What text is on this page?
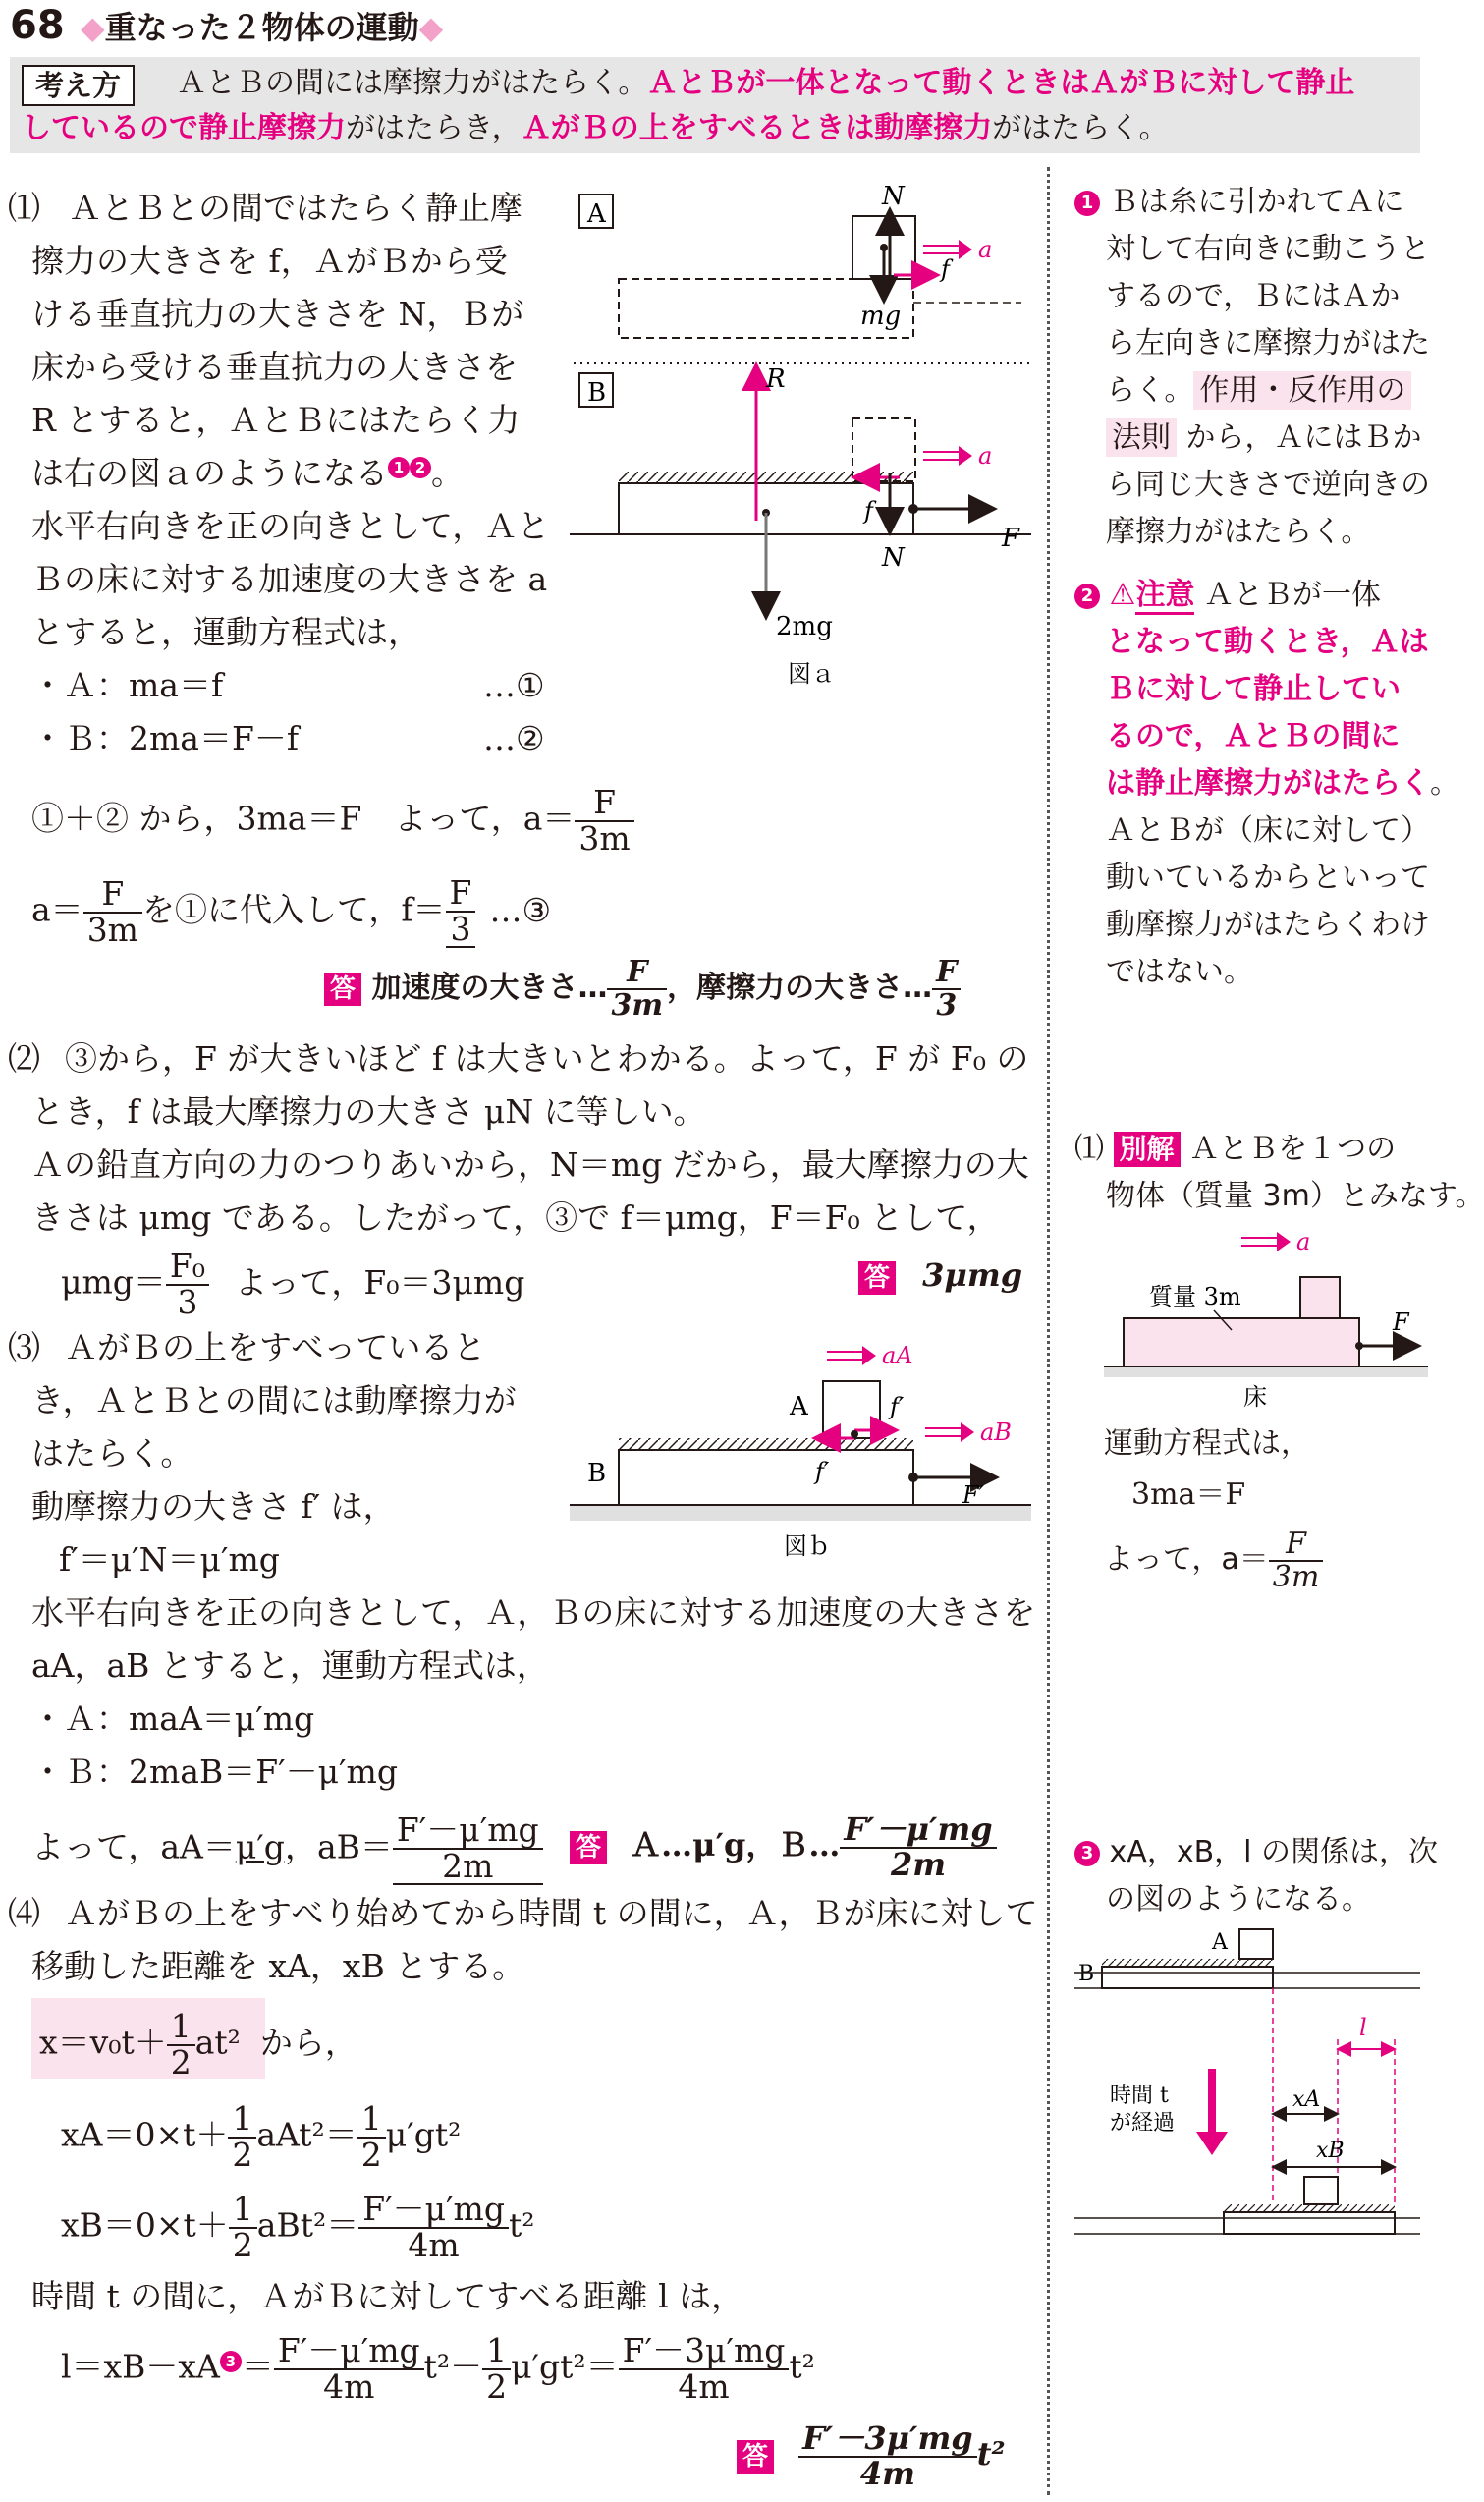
68 ◆重なった２物体の運動◆
考え方	ＡとＢの間には摩擦力がはたらく。ＡとＢが一体となって動くときはＡがＢに対して静止
しているので静止摩擦力がはたらき，ＡがＢの上をすべるときは動摩擦力がはたらく。
⑴ ＡとＢとの間ではたらく静止摩
擦力の大きさを f，ＡがＢから受
ける垂直抗力の大きさを N，Ｂが
床から受ける垂直抗力の大きさを
R とすると，ＡとＢにはたらく力
は右の図ａのようになる 1 2 。
水平右向きを正の向きとして，Ａと
Ｂの床に対する加速度の大きさを a
とすると，運動方程式は，
・Ａ：ma＝f	…①
・Ｂ：2ma＝F－f	…②
①＋② から，3ma＝F　よって，$a= \frac{F}{3m}$
$a= \frac{F}{3m}$ を①に代入して，$f= \frac{F}{3}$ …③
答 加速度の大きさ… $\frac{F}{3m}$ ，摩擦力の大きさ… $\frac{F}{3}$
A
N
mg
f
a
B	R
2mg
f
N
F
a
図ａ
⑵ ③から，F が大きいほど f は大きいとわかる。よって，F が F₀ の
とき，f は最大摩擦力の大きさ μN に等しい。
Ａの鉛直方向の力のつりあいから，N＝mg だから，最大摩擦力の大
きさは μmg である。したがって，③で f＝μmg，F＝F₀ として，
$\mu mg= \frac{\text{F₀}}{3}$ よって，F₀＝3μmg	答 3μmg
⑶ ＡがＢの上をすべっていると
き，ＡとＢとの間には動摩擦力が
はたらく。
動摩擦力の大きさ f′ は，
f′＝μ′N＝μ′mg
水平右向きを正の向きとして，Ａ，Ｂの床に対する加速度の大きさを
aA，aB とすると，運動方程式は，
・Ａ：maA＝μ′mg
・Ｂ：2maB＝F′－μ′mg
よって，aA＝μ′g，$aB= \frac{F'-\mu'mg}{2m}$ 答 Ａ…μ′g，Ｂ… $\frac{F'-\mu'mg}{2m}$
A
B
aA
f′
f′
aB
F′
図ｂ
⑷ ＡがＢの上をすべり始めてから時間 t の間に，Ａ，Ｂが床に対して
移動した距離を xA，xB とする。
$x=v_0t+ \frac{1}{2} at^2$ から，
$xA=0\times t+ \frac{1}{2} aAt^2= \frac{1}{2} \mu'gt^2$
$xB=0\times t+ \frac{1}{2} aBt^2= \frac{F'-\mu'mg}{4m} t^2$
時間 t の間に，ＡがＢに対してすべる距離 l は，
l＝xB－xA $3 = \frac{F'-\mu'mg}{4m} t^2- \frac{1}{2} \mu'gt^2= \frac{F'-3\mu'mg}{4m} t^2$
答 $\frac{F'-3\mu'mg}{4m} t^2$
1 Ｂは糸に引かれてＡに
対して右向きに動こうと
するので，ＢにはＡか
ら左向きに摩擦力がはた
らく。 作用・反作用の
法則 から，ＡにはＢか
ら同じ大きさで逆向きの
摩擦力がはたらく。
2 ⚠注意 ＡとＢが一体
となって動くとき，Ａは
Ｂに対して静止してい
るので，ＡとＢの間に
は静止摩擦力がはたらく。
ＡとＢが（床に対して）
動いているからといって
動摩擦力がはたらくわけ
ではない。
⑴ 別解 ＡとＢを１つの
物体（質量 3m）とみなす。
a
質量 3m
F
床
運動方程式は，
3ma＝F
よって，$a= \frac{F}{3m}$
3 xA，xB，l の関係は，次
の図のようになる。
A
B
時間 t
が経過
l
xA
xB
